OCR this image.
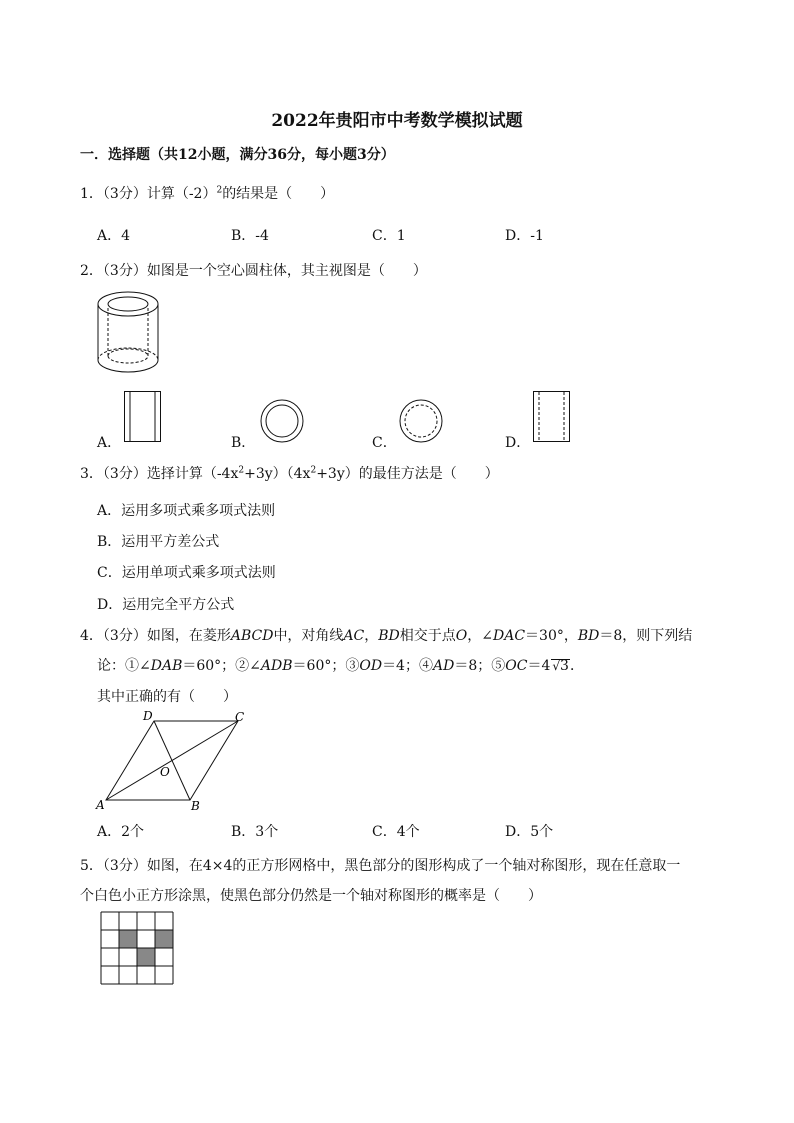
2022年贵阳市中考数学模拟试题
一．选择题（共12小题，满分36分，每小题3分）
1．（3分）计算$(-2)^2$的结果是（　　）
A．4	B．-4	C．1	D．-1
2．（3分）如图是一个空心圆柱体，其主视图是（　　）
A．	B．	C．	D．
3．（3分）选择计算$(-4x^2+3y)(4x^2+3y)$的最佳方法是（　　）
A．运用多项式乘多项式法则
B．运用平方差公式
C．运用单项式乘多项式法则
D．运用完全平方公式
4．（3分）如图，在菱形ABCD中，对角线AC，BD相交于点O，∠DAC＝30°，BD＝8，则下列结
论：①∠DAB＝60°；②∠ADB＝60°；③OD＝4；④AD＝8；⑤OC＝4 √3．
其中正确的有（　　）
A	B
C
D
O
A．2个	B．3个	C．4个	D．5个
5．（3分）如图，在4×4的正方形网格中，黑色部分的图形构成了一个轴对称图形，现在任意取一
个白色小正方形涂黑，使黑色部分仍然是一个轴对称图形的概率是（　　）
